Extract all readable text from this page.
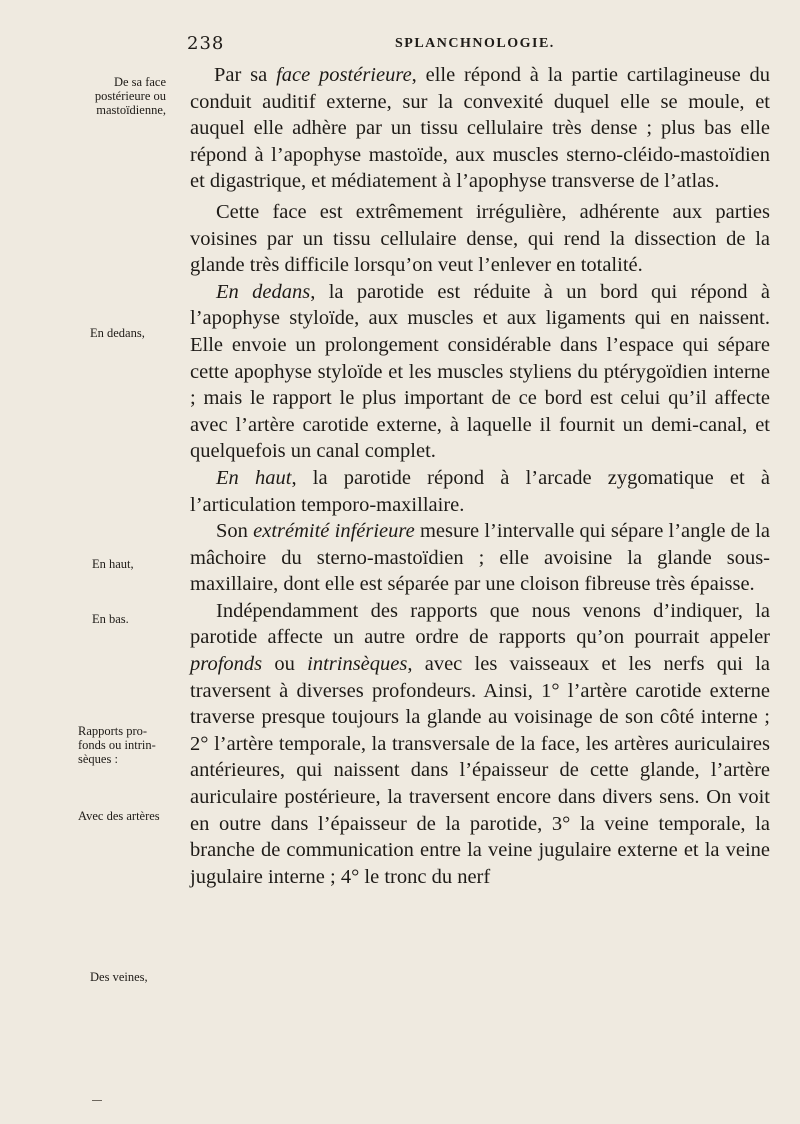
238	SPLANCHNOLOGIE.
De sa face
postérieure ou
mastoïdienne,
En dedans,
En haut,
En bas.
Rapports pro-
fonds ou intrin-
sèques :
Avec des artères
Des veines,

Par sa face postérieure, elle répond à la partie cartilagineuse du conduit auditif externe, sur la convexité duquel elle se moule, et auquel elle adhère par un tissu cellulaire très dense ; plus bas elle répond à l’apophyse mastoïde, aux muscles sterno-cléido-mastoïdien et digastrique, et médiatement à l’apophyse transverse de l’atlas.

Cette face est extrêmement irrégulière, adhérente aux parties voisines par un tissu cellulaire dense, qui rend la dissection de la glande très difficile lorsqu’on veut l’enlever en totalité.

En dedans, la parotide est réduite à un bord qui répond à l’apophyse styloïde, aux muscles et aux ligaments qui en naissent. Elle envoie un prolongement considérable dans l’espace qui sépare cette apophyse styloïde et les muscles styliens du ptérygoïdien interne ; mais le rapport le plus important de ce bord est celui qu’il affecte avec l’artère carotide externe, à laquelle il fournit un demi-canal, et quelquefois un canal complet.

En haut, la parotide répond à l’arcade zygomatique et à l’articulation temporo-maxillaire.

Son extrémité inférieure mesure l’intervalle qui sépare l’angle de la mâchoire du sterno-mastoïdien ; elle avoisine la glande sous-maxillaire, dont elle est séparée par une cloison fibreuse très épaisse.

Indépendamment des rapports que nous venons d’indiquer, la parotide affecte un autre ordre de rapports qu’on pourrait appeler profonds ou intrinsèques, avec les vaisseaux et les nerfs qui la traversent à diverses profondeurs. Ainsi, 1° l’artère carotide externe traverse presque toujours la glande au voisinage de son côté interne ; 2° l’artère temporale, la transversale de la face, les artères auriculaires antérieures, qui naissent dans l’épaisseur de cette glande, l’artère auriculaire postérieure, la traversent encore dans divers sens. On voit en outre dans l’épaisseur de la parotide, 3° la veine temporale, la branche de communication entre la veine jugulaire externe et la veine jugulaire interne ; 4° le tronc du nerf
